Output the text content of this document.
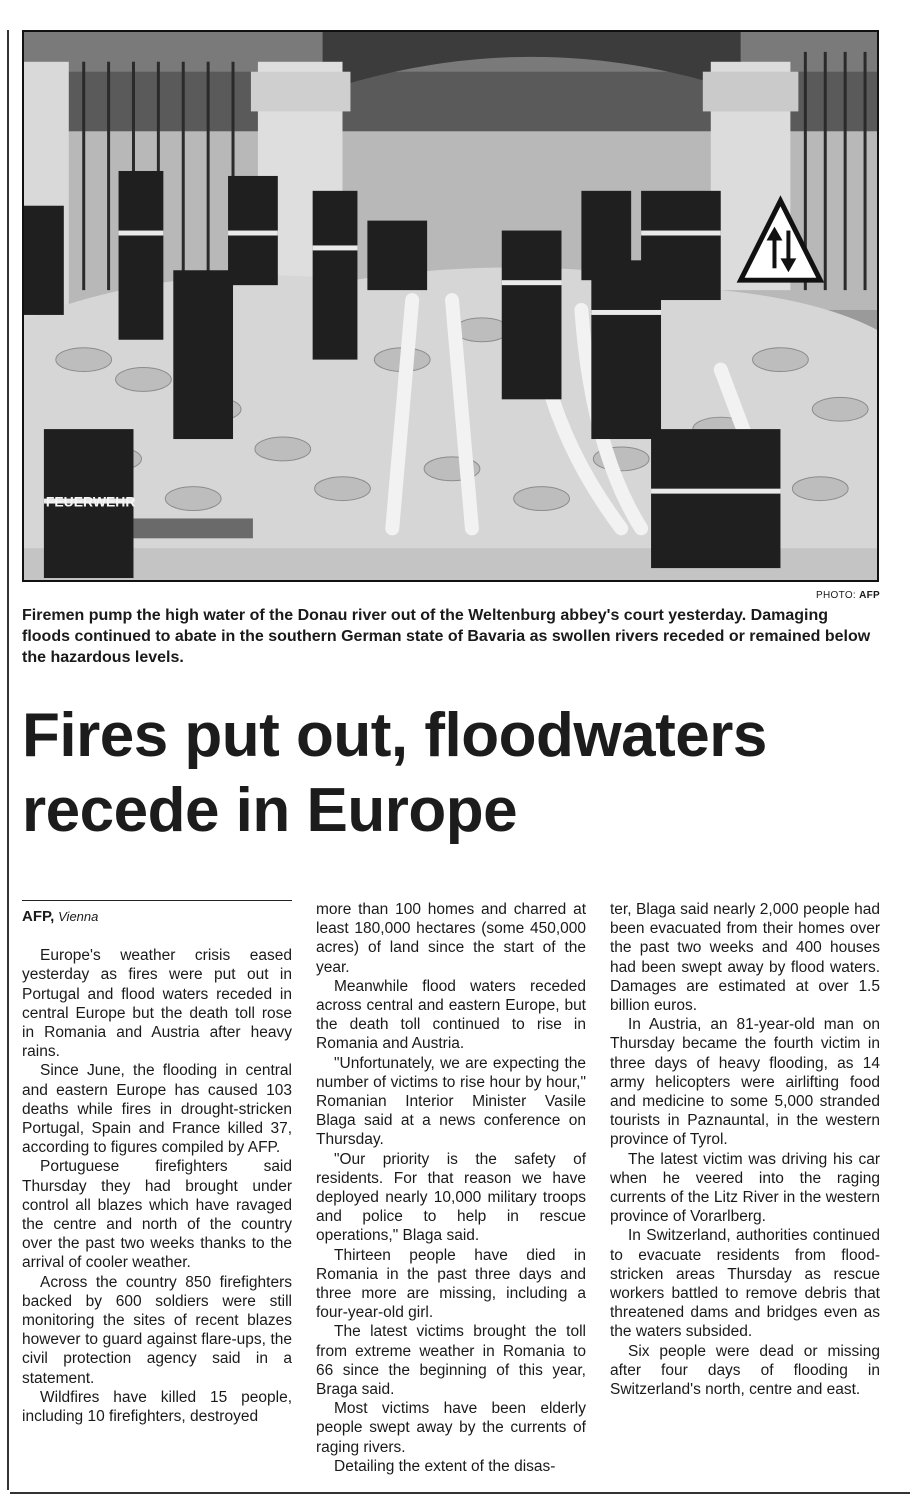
FEUERWEHR
PHOTO: AFP
Firemen pump the high water of the Donau river out of the Weltenburg abbey's court yesterday. Damaging floods continued to abate in the southern German state of Bavaria as swollen rivers receded or remained below the hazardous levels.
Fires put out, floodwaters recede in Europe
AFP, Vienna

Europe's weather crisis eased yesterday as fires were put out in Portugal and flood waters receded in central Europe but the death toll rose in Romania and Austria after heavy rains.

Since June, the flooding in central and eastern Europe has caused 103 deaths while fires in drought-stricken Portugal, Spain and France killed 37, according to figures compiled by AFP.

Portuguese firefighters said Thursday they had brought under control all blazes which have ravaged the centre and north of the country over the past two weeks thanks to the arrival of cooler weather.

Across the country 850 firefighters backed by 600 soldiers were still monitoring the sites of recent blazes however to guard against flare-ups, the civil protection agency said in a statement.

Wildfires have killed 15 people, including 10 firefighters, destroyed

more than 100 homes and charred at least 180,000 hectares (some 450,000 acres) of land since the start of the year.

Meanwhile flood waters receded across central and eastern Europe, but the death toll continued to rise in Romania and Austria.

"Unfortunately, we are expecting the number of victims to rise hour by hour," Romanian Interior Minister Vasile Blaga said at a news conference on Thursday.

"Our priority is the safety of residents. For that reason we have deployed nearly 10,000 military troops and police to help in rescue operations," Blaga said.

Thirteen people have died in Romania in the past three days and three more are missing, including a four-year-old girl.

The latest victims brought the toll from extreme weather in Romania to 66 since the beginning of this year, Braga said.

Most victims have been elderly people swept away by the currents of raging rivers.

Detailing the extent of the disas-

ter, Blaga said nearly 2,000 people had been evacuated from their homes over the past two weeks and 400 houses had been swept away by flood waters. Damages are estimated at over 1.5 billion euros.

In Austria, an 81-year-old man on Thursday became the fourth victim in three days of heavy flooding, as 14 army helicopters were airlifting food and medicine to some 5,000 stranded tourists in Paznauntal, in the western province of Tyrol.

The latest victim was driving his car when he veered into the raging currents of the Litz River in the western province of Vorarlberg.

In Switzerland, authorities continued to evacuate residents from flood-stricken areas Thursday as rescue workers battled to remove debris that threatened dams and bridges even as the waters subsided.

Six people were dead or missing after four days of flooding in Switzerland's north, centre and east.
